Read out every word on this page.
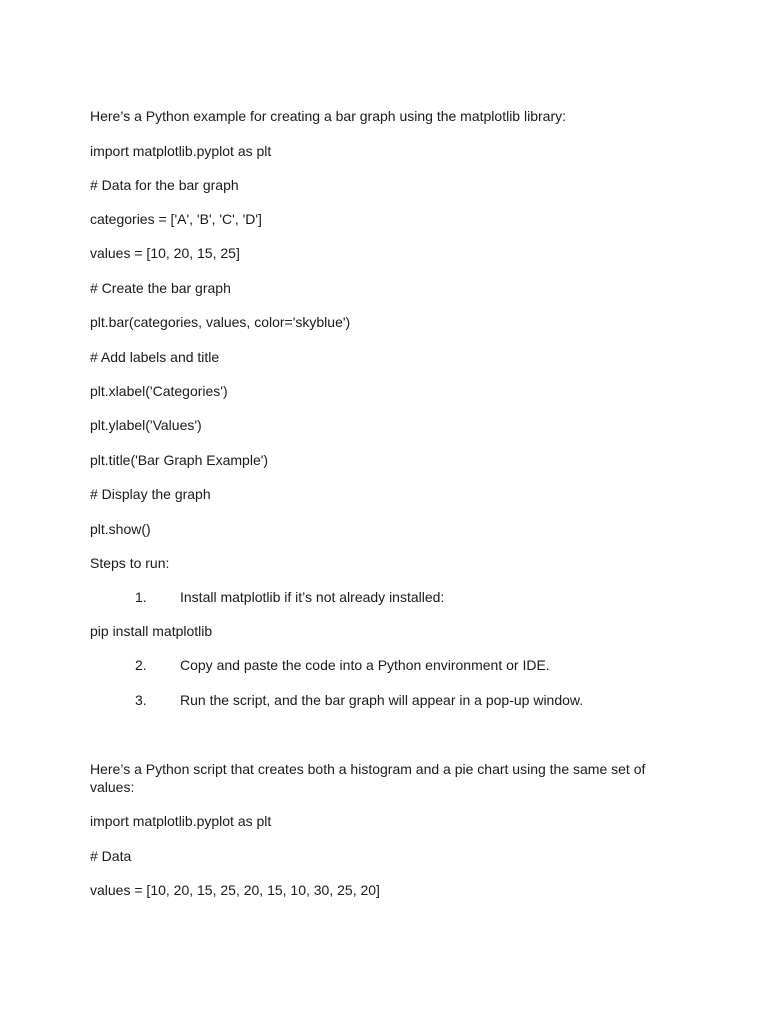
Here’s a Python example for creating a bar graph using the matplotlib library:
import matplotlib.pyplot as plt
# Data for the bar graph
categories = ['A', 'B', 'C', 'D']
values = [10, 20, 15, 25]
# Create the bar graph
plt.bar(categories, values, color='skyblue')
# Add labels and title
plt.xlabel('Categories')
plt.ylabel('Values')
plt.title('Bar Graph Example')
# Display the graph
plt.show()
Steps to run:
1. Install matplotlib if it’s not already installed:
pip install matplotlib
2. Copy and paste the code into a Python environment or IDE.
3. Run the script, and the bar graph will appear in a pop-up window.
Here’s a Python script that creates both a histogram and a pie chart using the same set of values:
import matplotlib.pyplot as plt
# Data
values = [10, 20, 15, 25, 20, 15, 10, 30, 25, 20]
